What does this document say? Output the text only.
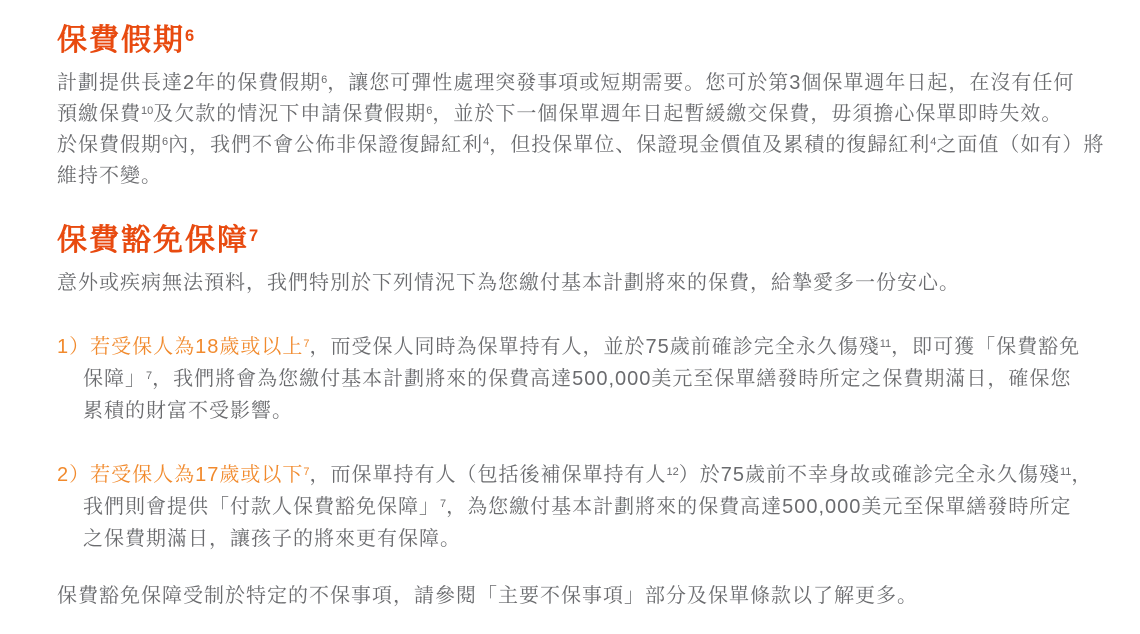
保費假期$^6$
計劃提供長達2年的保費假期$^6$，讓您可彈性處理突發事項或短期需要。您可於第3個保單週年日起，在沒有任何
預繳保費$^{10}$及欠款的情況下申請保費假期$^6$，並於下一個保單週年日起暫緩繳交保費，毋須擔心保單即時失效。
於保費假期$^6$內，我們不會公佈非保證復歸紅利$^4$，但投保單位、保證現金價值及累積的復歸紅利$^4$之面值（如有）將
維持不變。
保費豁免保障$^7$
意外或疾病無法預料，我們特別於下列情況下為您繳付基本計劃將來的保費，給摯愛多一份安心。
1）若受保人為18歲或以上$^7$，而受保人同時為保單持有人，並於75歲前確診完全永久傷殘$^{11}$，即可獲「保費豁免
保障」$^7$，我們將會為您繳付基本計劃將來的保費高達500,000美元至保單繕發時所定之保費期滿日，確保您
累積的財富不受影響。
2）若受保人為17歲或以下$^7$，而保單持有人（包括後補保單持有人$^{12}$）於75歲前不幸身故或確診完全永久傷殘$^{11}$，
我們則會提供「付款人保費豁免保障」$^7$，為您繳付基本計劃將來的保費高達500,000美元至保單繕發時所定
之保費期滿日，讓孩子的將來更有保障。
保費豁免保障受制於特定的不保事項，請參閱「主要不保事項」部分及保單條款以了解更多。
